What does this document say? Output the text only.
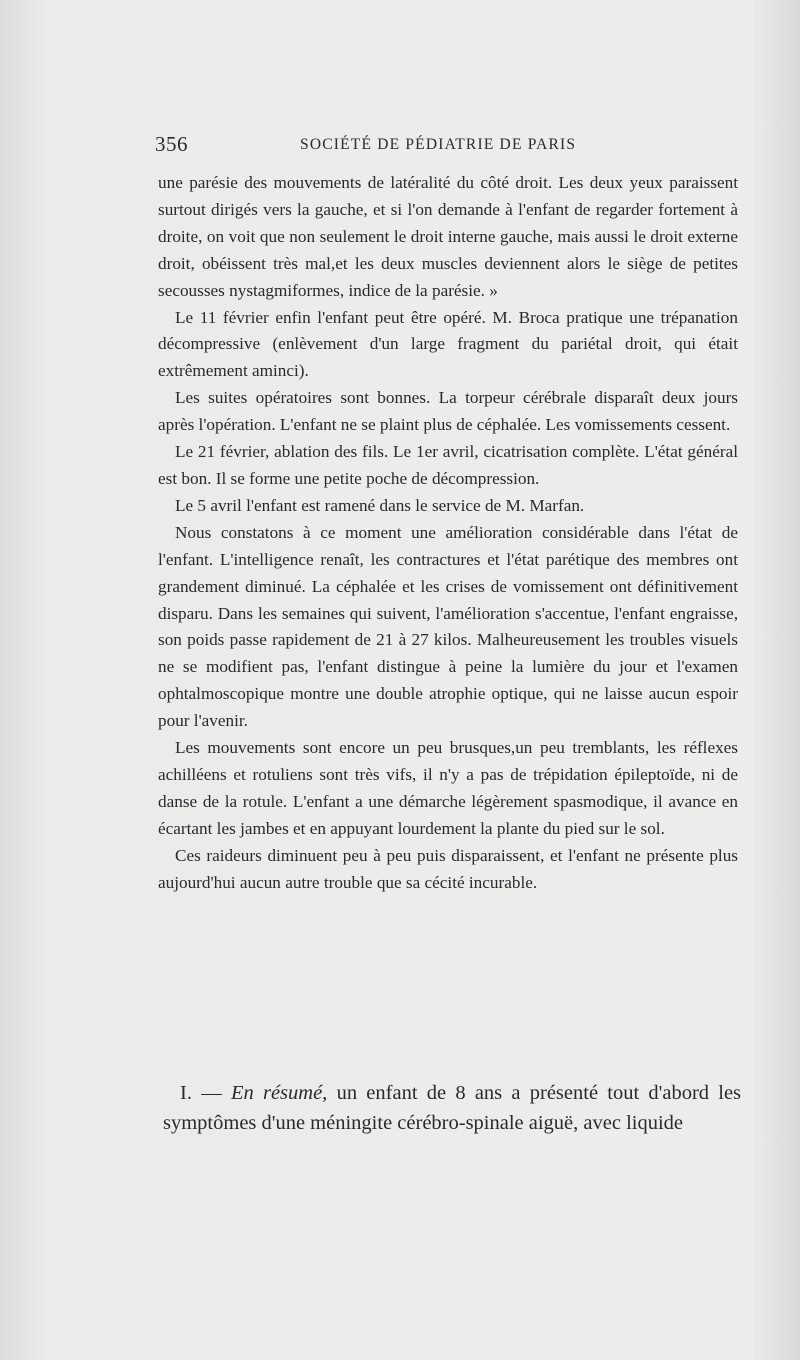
356	SOCIÉTÉ DE PÉDIATRIE DE PARIS

une parésie des mouvements de latéralité du côté droit. Les deux yeux paraissent surtout dirigés vers la gauche, et si l'on demande à l'enfant de regarder fortement à droite, on voit que non seulement le droit interne gauche, mais aussi le droit externe droit, obéissent très mal,et les deux muscles deviennent alors le siège de petites secousses nystagmiformes, indice de la parésie. »

Le 11 février enfin l'enfant peut être opéré. M. Broca pratique une trépanation décompressive (enlèvement d'un large fragment du pariétal droit, qui était extrêmement aminci).

Les suites opératoires sont bonnes. La torpeur cérébrale disparaît deux jours après l'opération. L'enfant ne se plaint plus de céphalée. Les vomissements cessent.

Le 21 février, ablation des fils. Le 1er avril, cicatrisation complète. L'état général est bon. Il se forme une petite poche de décompression.

Le 5 avril l'enfant est ramené dans le service de M. Marfan.

Nous constatons à ce moment une amélioration considérable dans l'état de l'enfant. L'intelligence renaît, les contractures et l'état parétique des membres ont grandement diminué. La céphalée et les crises de vomissement ont définitivement disparu. Dans les semaines qui suivent, l'amélioration s'accentue, l'enfant engraisse, son poids passe rapidement de 21 à 27 kilos. Malheureusement les troubles visuels ne se modifient pas, l'enfant distingue à peine la lumière du jour et l'examen ophtalmoscopique montre une double atrophie optique, qui ne laisse aucun espoir pour l'avenir.

Les mouvements sont encore un peu brusques,un peu tremblants, les réflexes achilléens et rotuliens sont très vifs, il n'y a pas de trépidation épileptoïde, ni de danse de la rotule. L'enfant a une démarche légèrement spasmodique, il avance en écartant les jambes et en appuyant lourdement la plante du pied sur le sol.

Ces raideurs diminuent peu à peu puis disparaissent, et l'enfant ne présente plus aujourd'hui aucun autre trouble que sa cécité incurable.

I. — En résumé, un enfant de 8 ans a présenté tout d'abord les symptômes d'une méningite cérébro-spinale aiguë, avec liquide
